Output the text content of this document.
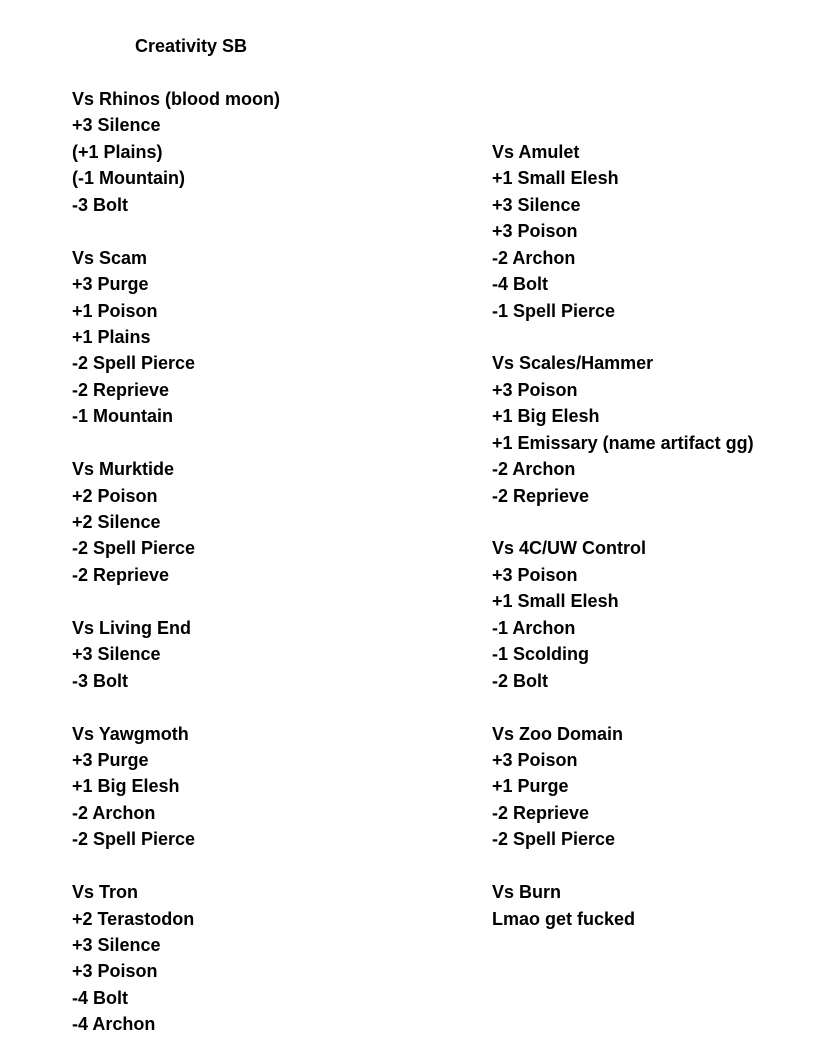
Creativity SB
Vs Rhinos (blood moon)
+3 Silence
(+1 Plains)
(-1 Mountain)
-3 Bolt
Vs Scam
+3 Purge
+1 Poison
+1 Plains
-2 Spell Pierce
-2 Reprieve
-1 Mountain
Vs Murktide
+2 Poison
+2 Silence
-2 Spell Pierce
-2 Reprieve
Vs Living End
+3 Silence
-3 Bolt
Vs Yawgmoth
+3 Purge
+1 Big Elesh
-2 Archon
-2 Spell Pierce
Vs Tron
+2 Terastodon
+3 Silence
+3 Poison
-4 Bolt
-4 Archon
Vs Amulet
+1 Small Elesh
+3 Silence
+3 Poison
-2 Archon
-4 Bolt
-1 Spell Pierce
Vs Scales/Hammer
+3 Poison
+1 Big Elesh
+1 Emissary (name artifact gg)
-2 Archon
-2 Reprieve
Vs 4C/UW Control
+3 Poison
+1 Small Elesh
-1 Archon
-1 Scolding
-2 Bolt
Vs Zoo Domain
+3 Poison
+1 Purge
-2 Reprieve
-2 Spell Pierce
Vs Burn
Lmao get fucked
